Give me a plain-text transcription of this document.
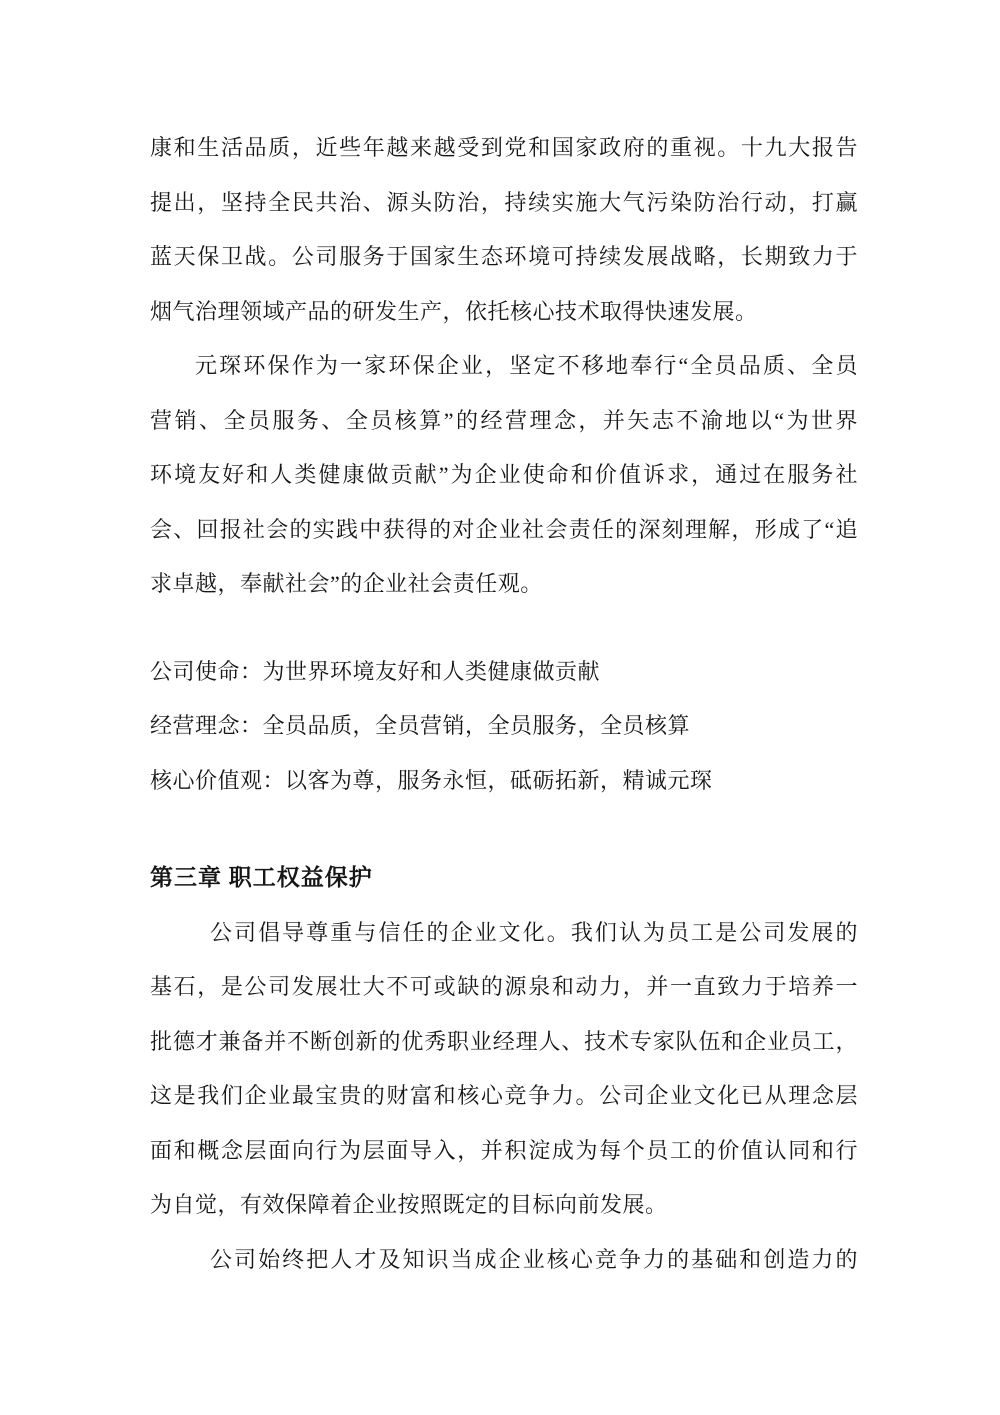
康和生活品质，近些年越来越受到党和国家政府的重视。十九大报告
提出，坚持全民共治、源头防治，持续实施大气污染防治行动，打赢
蓝天保卫战。公司服务于国家生态环境可持续发展战略，长期致力于
烟气治理领域产品的研发生产，依托核心技术取得快速发展。
元琛环保作为一家环保企业，坚定不移地奉行“全员品质、全员
营销、全员服务、全员核算”的经营理念，并矢志不渝地以“为世界
环境友好和人类健康做贡献”为企业使命和价值诉求，通过在服务社
会、回报社会的实践中获得的对企业社会责任的深刻理解，形成了“追
求卓越，奉献社会”的企业社会责任观。
公司使命：为世界环境友好和人类健康做贡献
经营理念：全员品质，全员营销，全员服务，全员核算
核心价值观：以客为尊，服务永恒，砥砺拓新，精诚元琛
第三章 职工权益保护
公司倡导尊重与信任的企业文化。我们认为员工是公司发展的
基石，是公司发展壮大不可或缺的源泉和动力，并一直致力于培养一
批德才兼备并不断创新的优秀职业经理人、技术专家队伍和企业员工，
这是我们企业最宝贵的财富和核心竞争力。公司企业文化已从理念层
面和概念层面向行为层面导入，并积淀成为每个员工的价值认同和行
为自觉，有效保障着企业按照既定的目标向前发展。
公司始终把人才及知识当成企业核心竞争力的基础和创造力的
